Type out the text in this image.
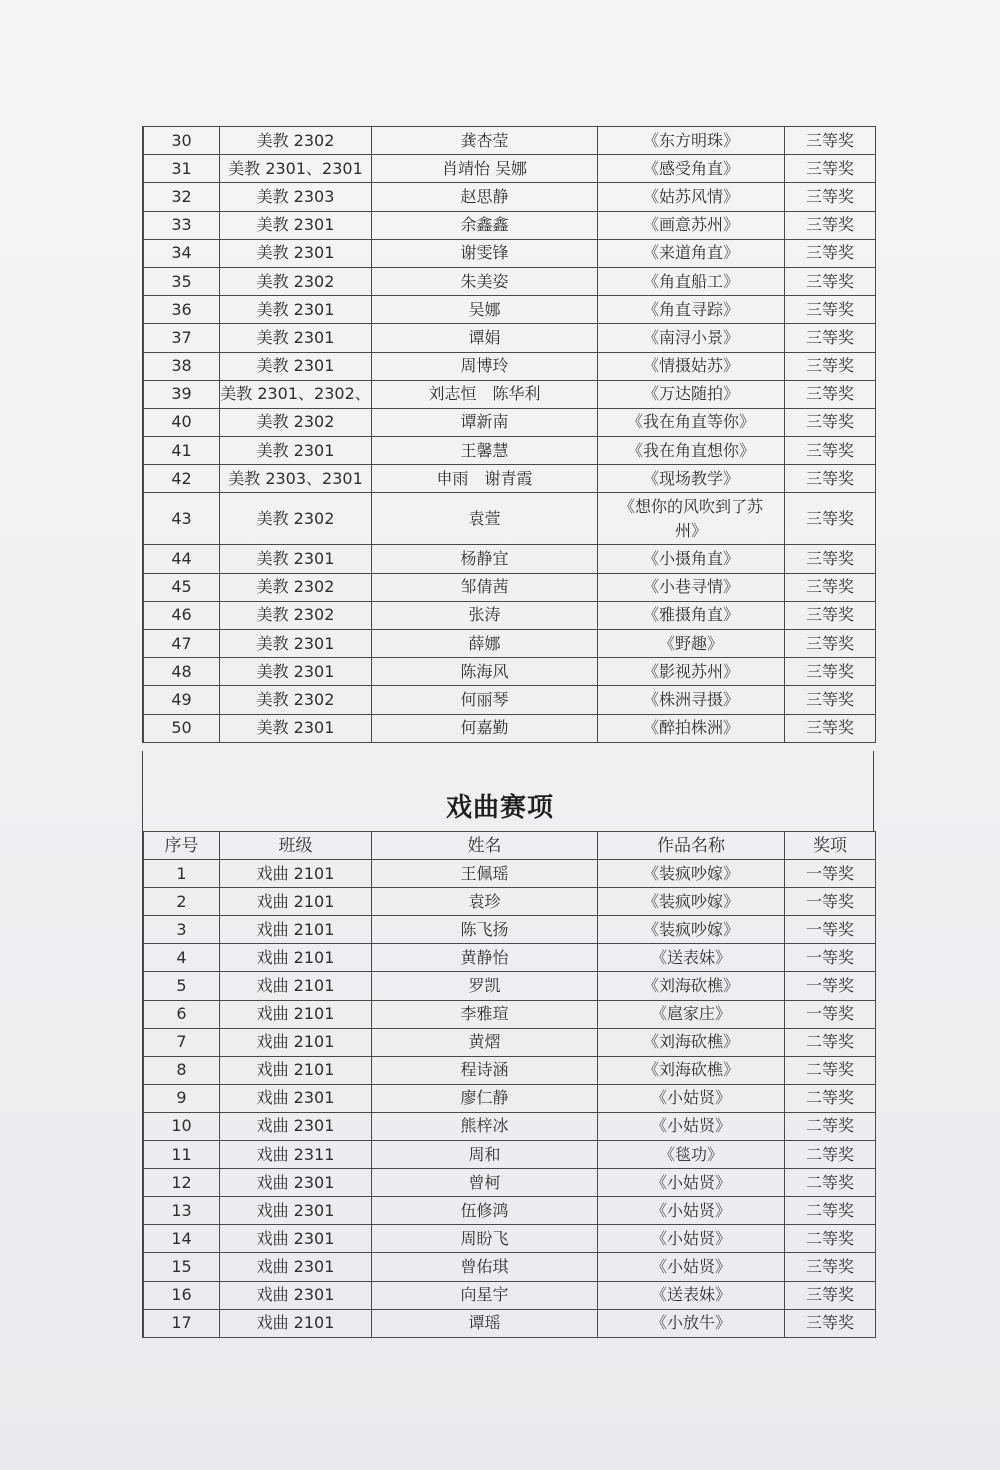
30	美教 2302	龚杏莹	《东方明珠》	三等奖
31	美教 2301、2301	肖靖怡 吴娜	《感受角直》	三等奖
32	美教 2303	赵思静	《姑苏风情》	三等奖
33	美教 2301	余鑫鑫	《画意苏州》	三等奖
34	美教 2301	谢雯锋	《来道角直》	三等奖
35	美教 2302	朱美姿	《角直船工》	三等奖
36	美教 2301	吴娜	《角直寻踪》	三等奖
37	美教 2301	谭娟	《南浔小景》	三等奖
38	美教 2301	周博玲	《情摄姑苏》	三等奖
39	美教 2301、2302、	刘志恒　陈华利	《万达随拍》	三等奖
40	美教 2302	谭新南	《我在角直等你》	三等奖
41	美教 2301	王馨慧	《我在角直想你》	三等奖
42	美教 2303、2301	申雨　谢青霞	《现场教学》	三等奖
43	美教 2302	袁萱	《想你的风吹到了苏州》	三等奖
44	美教 2301	杨静宜	《小摄角直》	三等奖
45	美教 2302	邹倩茜	《小巷寻情》	三等奖
46	美教 2302	张涛	《雅摄角直》	三等奖
47	美教 2301	薛娜	《野趣》	三等奖
48	美教 2301	陈海风	《影视苏州》	三等奖
49	美教 2302	何丽琴	《株洲寻摄》	三等奖
50	美教 2301	何嘉勤	《醉拍株洲》	三等奖
戏曲赛项
序号	班级	姓名	作品名称	奖项
1	戏曲 2101	王佩瑶	《装疯吵嫁》	一等奖
2	戏曲 2101	袁珍	《装疯吵嫁》	一等奖
3	戏曲 2101	陈飞扬	《装疯吵嫁》	一等奖
4	戏曲 2101	黄静怡	《送表妹》	一等奖
5	戏曲 2101	罗凯	《刘海砍樵》	一等奖
6	戏曲 2101	李雅瑄	《扈家庄》	一等奖
7	戏曲 2101	黄熠	《刘海砍樵》	二等奖
8	戏曲 2101	程诗涵	《刘海砍樵》	二等奖
9	戏曲 2301	廖仁静	《小姑贤》	二等奖
10	戏曲 2301	熊梓冰	《小姑贤》	二等奖
11	戏曲 2311	周和	《毯功》	二等奖
12	戏曲 2301	曾柯	《小姑贤》	二等奖
13	戏曲 2301	伍修鸿	《小姑贤》	二等奖
14	戏曲 2301	周盼飞	《小姑贤》	二等奖
15	戏曲 2301	曾佑琪	《小姑贤》	三等奖
16	戏曲 2301	向星宇	《送表妹》	三等奖
17	戏曲 2101	谭瑶	《小放牛》	三等奖
